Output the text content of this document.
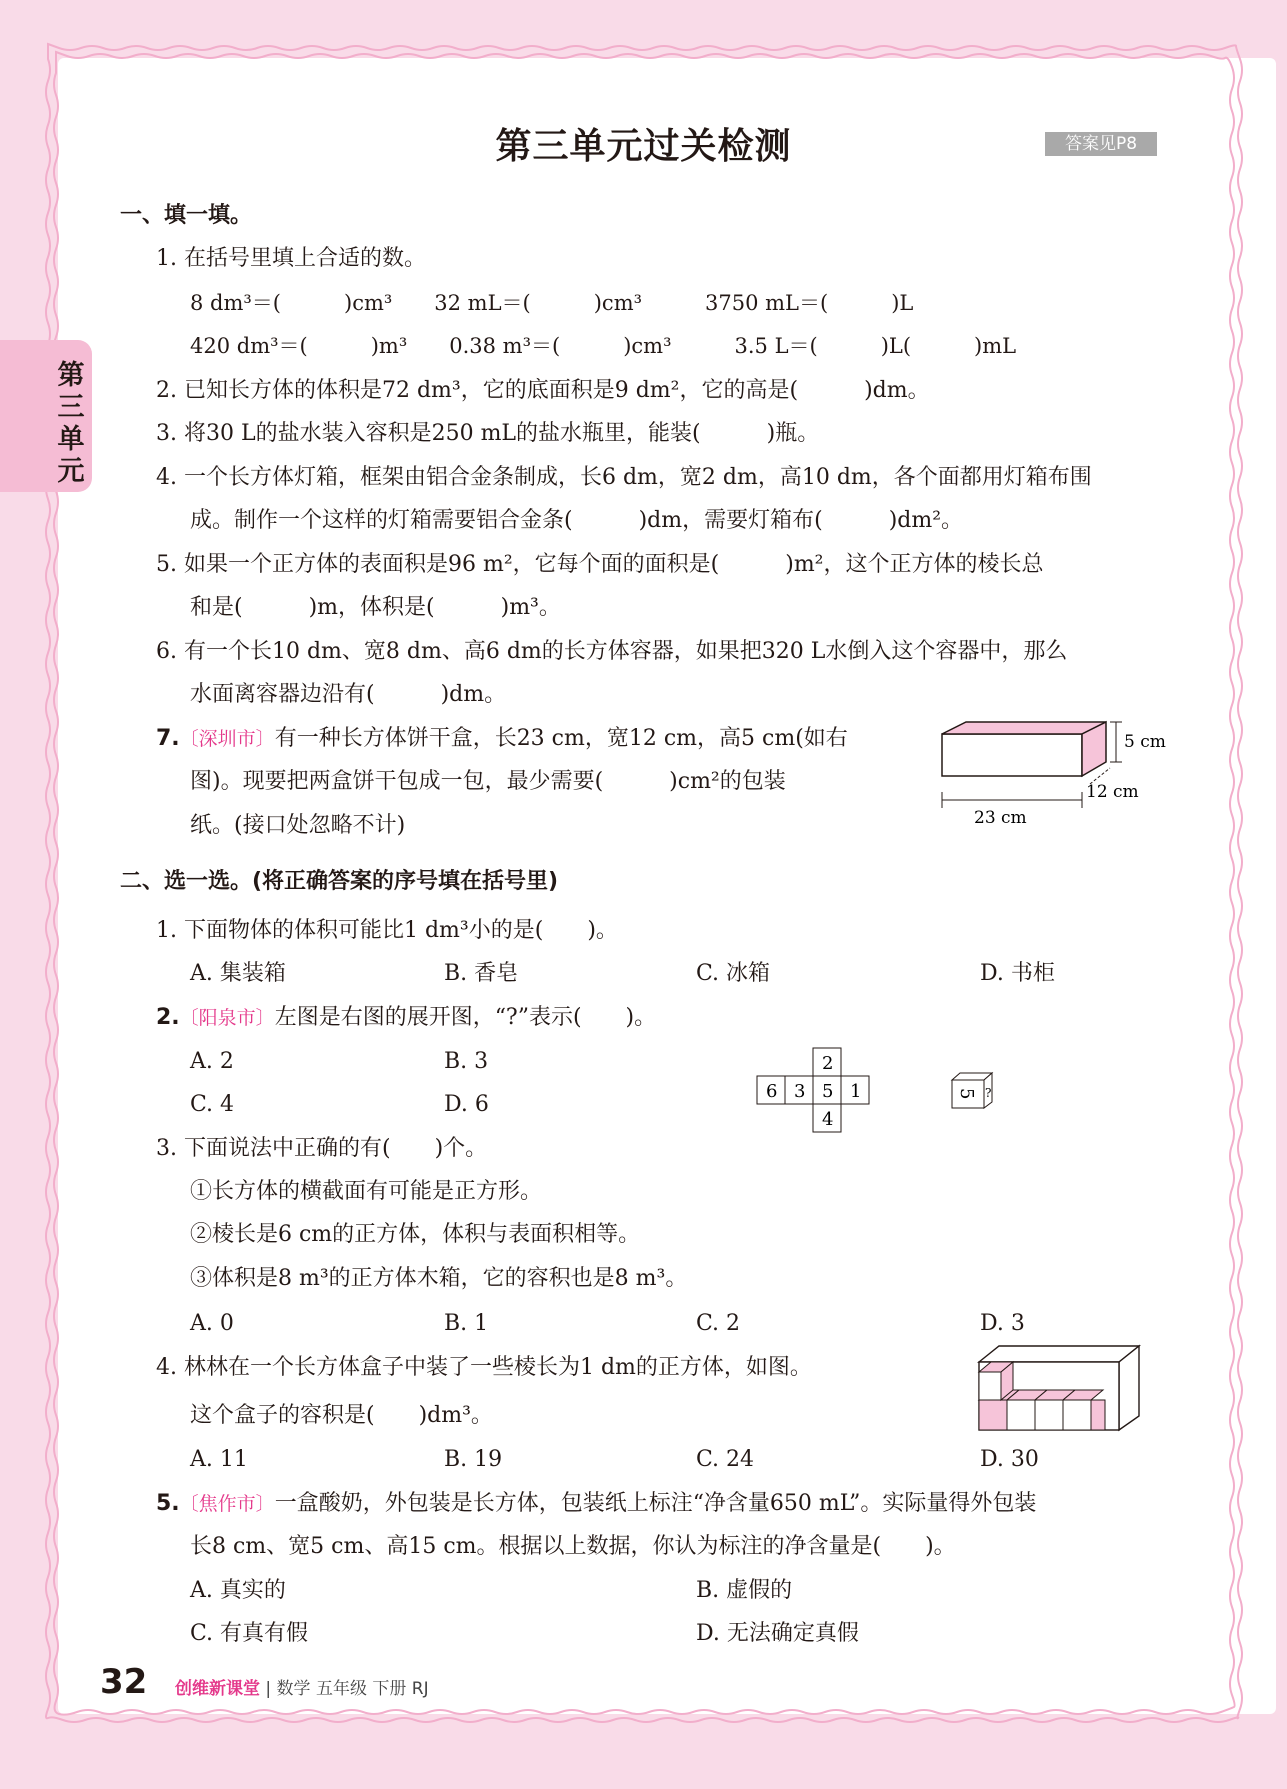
第三单元
第三单元过关检测	答案见P8
一、填一填。
1. 在括号里填上合适的数。
8 dm³＝(　　　)cm³　　32 mL＝(　　　)cm³　　　3750 mL＝(　　　)L
420 dm³＝(　　　)m³　　0.38 m³＝(　　　)cm³　　　3.5 L＝(　　　)L(　　　)mL
2. 已知长方体的体积是72 dm³，它的底面积是9 dm²，它的高是(　　　)dm。
3. 将30 L的盐水装入容积是250 mL的盐水瓶里，能装(　　　)瓶。
4. 一个长方体灯箱，框架由铝合金条制成，长6 dm，宽2 dm，高10 dm，各个面都用灯箱布围
成。制作一个这样的灯箱需要铝合金条(　　　)dm，需要灯箱布(　　　)dm²。
5. 如果一个正方体的表面积是96 m²，它每个面的面积是(　　　)m²，这个正方体的棱长总
和是(　　　)m，体积是(　　　)m³。
6. 有一个长10 dm、宽8 dm、高6 dm的长方体容器，如果把320 L水倒入这个容器中，那么
水面离容器边沿有(　　　)dm。
7.〔深圳市〕有一种长方体饼干盒，长23 cm，宽12 cm，高5 cm(如右
图)。现要把两盒饼干包成一包，最少需要(　　　)cm²的包装
纸。(接口处忽略不计)
5 cm
12 cm
23 cm
二、选一选。(将正确答案的序号填在括号里)
1. 下面物体的体积可能比1 dm³小的是(　　)。
A. 集装箱	B. 香皂	C. 冰箱	D. 书柜
2.〔阳泉市〕左图是右图的展开图，“?”表示(　　)。
A. 2	B. 3
C. 4	D. 6
2
6 3 5 1
4
5 ?
3. 下面说法中正确的有(　　)个。
①长方体的横截面有可能是正方形。
②棱长是6 cm的正方体，体积与表面积相等。
③体积是8 m³的正方体木箱，它的容积也是8 m³。
A. 0	B. 1	C. 2	D. 3
4. 林林在一个长方体盒子中装了一些棱长为1 dm的正方体，如图。
这个盒子的容积是(　　)dm³。
A. 11	B. 19	C. 24	D. 30
5.〔焦作市〕一盒酸奶，外包装是长方体，包装纸上标注“净含量650 mL”。实际量得外包装
长8 cm、宽5 cm、高15 cm。根据以上数据，你认为标注的净含量是(　　)。
A. 真实的	B. 虚假的
C. 有真有假	D. 无法确定真假
32 创维新课堂 | 数学 五年级 下册 RJ
